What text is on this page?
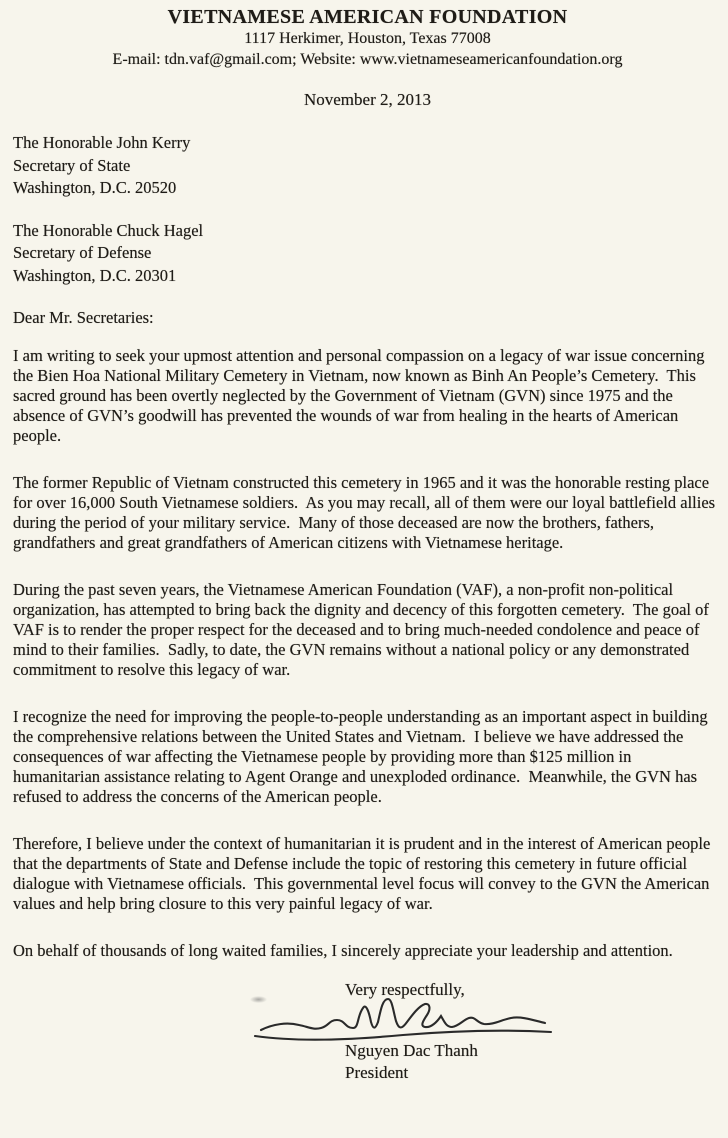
VIETNAMESE AMERICAN FOUNDATION
1117 Herkimer, Houston, Texas 77008
E-mail: tdn.vaf@gmail.com; Website: www.vietnameseamericanfoundation.org
November 2, 2013
The Honorable John Kerry
Secretary of State
Washington, D.C. 20520
The Honorable Chuck Hagel
Secretary of Defense
Washington, D.C. 20301
Dear Mr. Secretaries:

I am writing to seek your upmost attention and personal compassion on a legacy of war issue concerning the Bien Hoa National Military Cemetery in Vietnam, now known as Binh An People’s Cemetery.  This sacred ground has been overtly neglected by the Government of Vietnam (GVN) since 1975 and the absence of GVN’s goodwill has prevented the wounds of war from healing in the hearts of American people.

The former Republic of Vietnam constructed this cemetery in 1965 and it was the honorable resting place for over 16,000 South Vietnamese soldiers.  As you may recall, all of them were our loyal battlefield allies during the period of your military service.  Many of those deceased are now the brothers, fathers, grandfathers and great grandfathers of American citizens with Vietnamese heritage.

During the past seven years, the Vietnamese American Foundation (VAF), a non-profit non-political organization, has attempted to bring back the dignity and decency of this forgotten cemetery.  The goal of VAF is to render the proper respect for the deceased and to bring much-needed condolence and peace of mind to their families.  Sadly, to date, the GVN remains without a national policy or any demonstrated commitment to resolve this legacy of war.

I recognize the need for improving the people-to-people understanding as an important aspect in building the comprehensive relations between the United States and Vietnam.  I believe we have addressed the consequences of war affecting the Vietnamese people by providing more than $125 million in humanitarian assistance relating to Agent Orange and unexploded ordinance.  Meanwhile, the GVN has refused to address the concerns of the American people.

Therefore, I believe under the context of humanitarian it is prudent and in the interest of American people that the departments of State and Defense include the topic of restoring this cemetery in future official dialogue with Vietnamese officials.  This governmental level focus will convey to the GVN the American values and help bring closure to this very painful legacy of war.

On behalf of thousands of long waited families, I sincerely appreciate your leadership and attention.

Very respectfully,
Nguyen Dac Thanh
President
